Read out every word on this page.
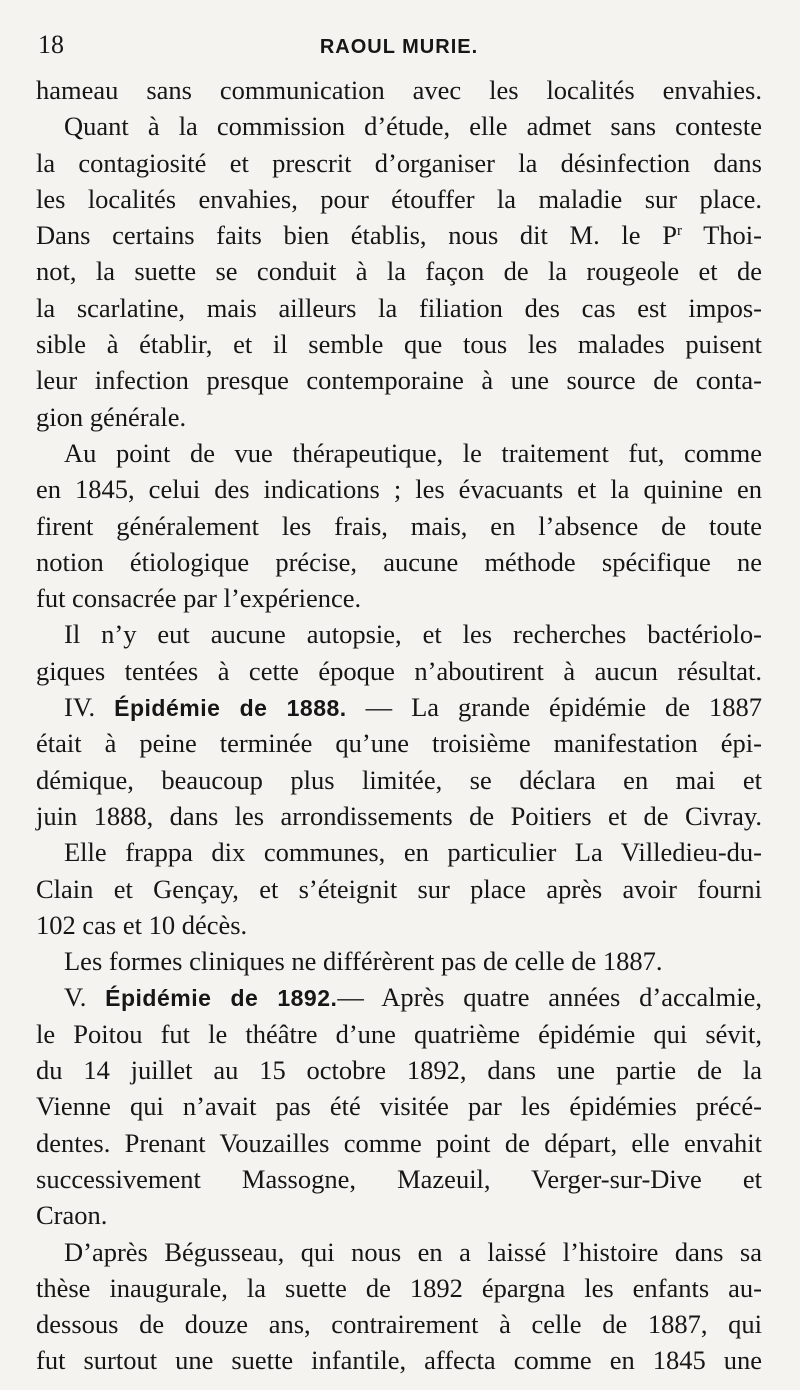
18	RAOUL MURIE.
hameau sans communication avec les localités envahies.
Quant à la commission d’étude, elle admet sans conteste
la contagiosité et prescrit d’organiser la désinfection dans
les localités envahies, pour étouffer la maladie sur place.
Dans certains faits bien établis, nous dit M. le $P^r$ Thoi-
not, la suette se conduit à la façon de la rougeole et de
la scarlatine, mais ailleurs la filiation des cas est impos-
sible à établir, et il semble que tous les malades puisent
leur infection presque contemporaine à une source de conta-
gion générale.
Au point de vue thérapeutique, le traitement fut, comme
en 1845, celui des indications ; les évacuants et la quinine en
firent généralement les frais, mais, en l’absence de toute
notion étiologique précise, aucune méthode spécifique ne
fut consacrée par l’expérience.
Il n’y eut aucune autopsie, et les recherches bactériolo-
giques tentées à cette époque n’aboutirent à aucun résultat.
IV. Épidémie de 1888. — La grande épidémie de 1887
était à peine terminée qu’une troisième manifestation épi-
démique, beaucoup plus limitée, se déclara en mai et
juin 1888, dans les arrondissements de Poitiers et de Civray.
Elle frappa dix communes, en particulier La Villedieu-du-
Clain et Gençay, et s’éteignit sur place après avoir fourni
102 cas et 10 décès.
Les formes cliniques ne différèrent pas de celle de 1887.
V. Épidémie de 1892.— Après quatre années d’accalmie,
le Poitou fut le théâtre d’une quatrième épidémie qui sévit,
du 14 juillet au 15 octobre 1892, dans une partie de la
Vienne qui n’avait pas été visitée par les épidémies précé-
dentes. Prenant Vouzailles comme point de départ, elle envahit
successivement Massogne, Mazeuil, Verger-sur-Dive et
Craon.
D’après Bégusseau, qui nous en a laissé l’histoire dans sa
thèse inaugurale, la suette de 1892 épargna les enfants au-
dessous de douze ans, contrairement à celle de 1887, qui
fut surtout une suette infantile, affecta comme en 1845 une
